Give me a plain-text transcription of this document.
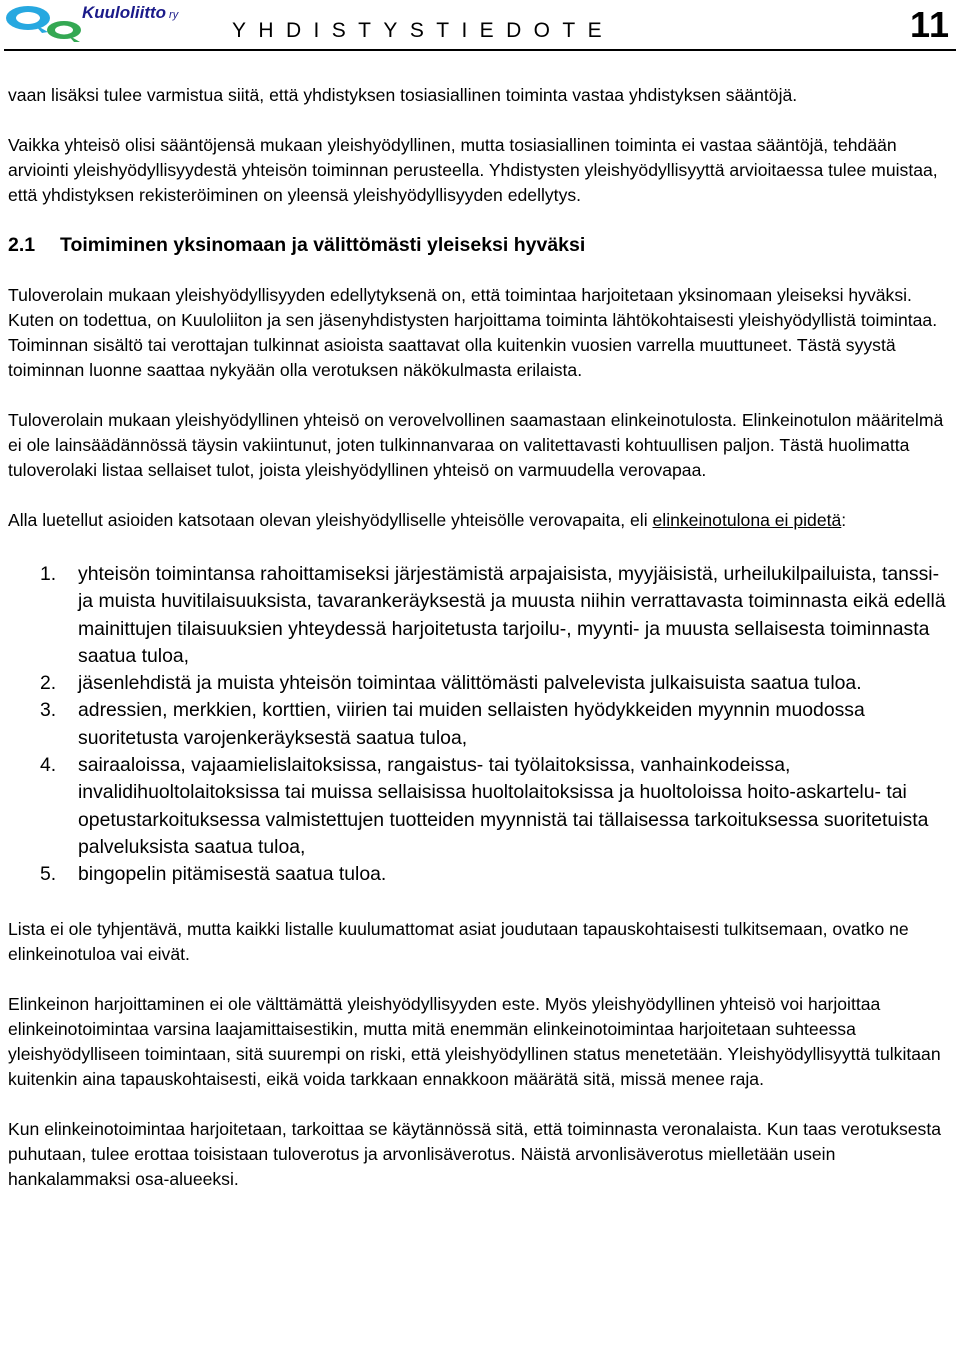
Kuuloliitto ry
YHDISTYSTIEDOTE	11

vaan lisäksi tulee varmistua siitä, että yhdistyksen tosiasiallinen toiminta vastaa yhdistyksen sääntöjä.

Vaikka yhteisö olisi sääntöjensä mukaan yleishyödyllinen, mutta tosiasiallinen toiminta ei vastaa sääntöjä, tehdään arviointi yleishyödyllisyydestä yhteisön toiminnan perusteella. Yhdistysten yleishyödyllisyyttä arvioitaessa tulee muistaa, että yhdistyksen rekisteröiminen on yleensä yleishyödyllisyyden edellytys.

2.1 Toimiminen yksinomaan ja välittömästi yleiseksi hyväksi

Tuloverolain mukaan yleishyödyllisyyden edellytyksenä on, että toimintaa harjoitetaan yksinomaan yleiseksi hyväksi. Kuten on todettua, on Kuuloliiton ja sen jäsenyhdistysten harjoittama toiminta lähtökohtaisesti yleishyödyllistä toimintaa. Toiminnan sisältö tai verottajan tulkinnat asioista saattavat olla kuitenkin vuosien varrella muuttuneet. Tästä syystä toiminnan luonne saattaa nykyään olla verotuksen näkökulmasta erilaista.

Tuloverolain mukaan yleishyödyllinen yhteisö on verovelvollinen saamastaan elinkeinotulosta. Elinkeinotulon määritelmä ei ole lainsäädännössä täysin vakiintunut, joten tulkinnanvaraa on valitettavasti kohtuullisen paljon. Tästä huolimatta tuloverolaki listaa sellaiset tulot, joista yleishyödyllinen yhteisö on varmuudella verovapaa.

Alla luetellut asioiden katsotaan olevan yleishyödylliselle yhteisölle verovapaita, eli elinkeinotulona ei pidetä:

1. yhteisön toimintansa rahoittamiseksi järjestämistä arpajaisista, myyjäisistä, urheilukilpailuista, tanssi- ja muista huvitilaisuuksista, tavarankeräyksestä ja muusta niihin verrattavasta toiminnasta eikä edellä mainittujen tilaisuuksien yhteydessä harjoitetusta tarjoilu-, myynti- ja muusta sellaisesta toiminnasta saatua tuloa,
2. jäsenlehdistä ja muista yhteisön toimintaa välittömästi palvelevista julkaisuista saatua tuloa.
3. adressien, merkkien, korttien, viirien tai muiden sellaisten hyödykkeiden myynnin muodossa suoritetusta varojenkeräyksestä saatua tuloa,
4. sairaaloissa, vajaamielislaitoksissa, rangaistus- tai työlaitoksissa, vanhainkodeissa, invalidihuoltolaitoksissa tai muissa sellaisissa huoltolaitoksissa ja huoltoloissa hoito-askartelu- tai opetustarkoituksessa valmistettujen tuotteiden myynnistä tai tällaisessa tarkoituksessa suoritetuista palveluksista saatua tuloa,
5. bingopelin pitämisestä saatua tuloa.

Lista ei ole tyhjentävä, mutta kaikki listalle kuulumattomat asiat joudutaan tapauskohtaisesti tulkitsemaan, ovatko ne elinkeinotuloa vai eivät.

Elinkeinon harjoittaminen ei ole välttämättä yleishyödyllisyyden este. Myös yleishyödyllinen yhteisö voi harjoittaa elinkeinotoimintaa varsina laajamittaisestikin, mutta mitä enemmän elinkeinotoimintaa harjoitetaan suhteessa yleishyödylliseen toimintaan, sitä suurempi on riski, että yleishyödyllinen status menetetään. Yleishyödyllisyyttä tulkitaan kuitenkin aina tapauskohtaisesti, eikä voida tarkkaan ennakkoon määrätä sitä, missä menee raja.

Kun elinkeinotoimintaa harjoitetaan, tarkoittaa se käytännössä sitä, että toiminnasta veronalaista. Kun taas verotuksesta puhutaan, tulee erottaa toisistaan tuloverotus ja arvonlisäverotus. Näistä arvonlisäverotus mielletään usein hankalammaksi osa-alueeksi.
